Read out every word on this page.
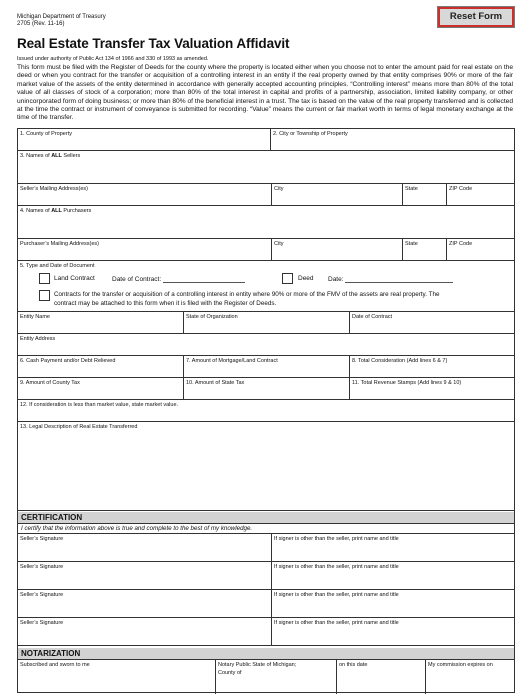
Michigan Department of Treasury
2705 (Rev. 11-16)
Reset Form
Real Estate Transfer Tax Valuation Affidavit
Issued under authority of Public Act 134 of 1966 and 330 of 1993 as amended.
This form must be filed with the Register of Deeds for the county where the property is located either when you choose not to enter the amount paid for real estate on the deed or when you contract for the transfer or acquisition of a controlling interest in an entity if the real property owned by that entity comprises 90% or more of the fair market value of the assets of the entity determined in accordance with generally accepted accounting principles. “Controlling interest” means more than 80% of the total value of all classes of stock of a corporation; more than 80% of the total interest in capital and profits of a partnership, association, limited liability company, or other unincorporated form of doing business; or more than 80% of the beneficial interest in a trust. The tax is based on the value of the real property transferred and is collected at the time the contract or instrument of conveyance is submitted for recording. “Value” means the current or fair market worth in terms of legal monetary exchange at the time of the transfer.
1. County of Property	2. City or Township of Property
3. Names of ALL Sellers
Seller’s Mailing Address(es)	City	State	ZIP Code
4. Names of ALL Purchasers
Purchaser’s Mailing Address(es)	City	State	ZIP Code
5. Type and Date of Document
Land Contract	Date of Contract:	Deed Date:
Contracts for the transfer or acquisition of a controlling interest in entity where 90% or more of the FMV of the assets are real property. The
contract may be attached to this form when it is filed with the Register of Deeds.
Entity Name	State of Organization	Date of Contract
Entity Address
6. Cash Payment and/or Debt Relieved	7. Amount of Mortgage/Land Contract	8. Total Consideration (Add lines 6 & 7)
9. Amount of County Tax	10. Amount of State Tax	11. Total Revenue Stamps (Add lines 9 & 10)
12. If consideration is less than market value, state market value.
13. Legal Description of Real Estate Transferred
CERTIFICATION
I certify that the information above is true and complete to the best of my knowledge.
Seller’s Signature	If signer is other than the seller, print name and title
Seller’s Signature	If signer is other than the seller, print name and title
Seller’s Signature	If signer is other than the seller, print name and title
Seller’s Signature	If signer is other than the seller, print name and title
NOTARIZATION
Subscribed and sworn to me	Notary Public State of Michigan;
County of
on this date	My commission expires on
